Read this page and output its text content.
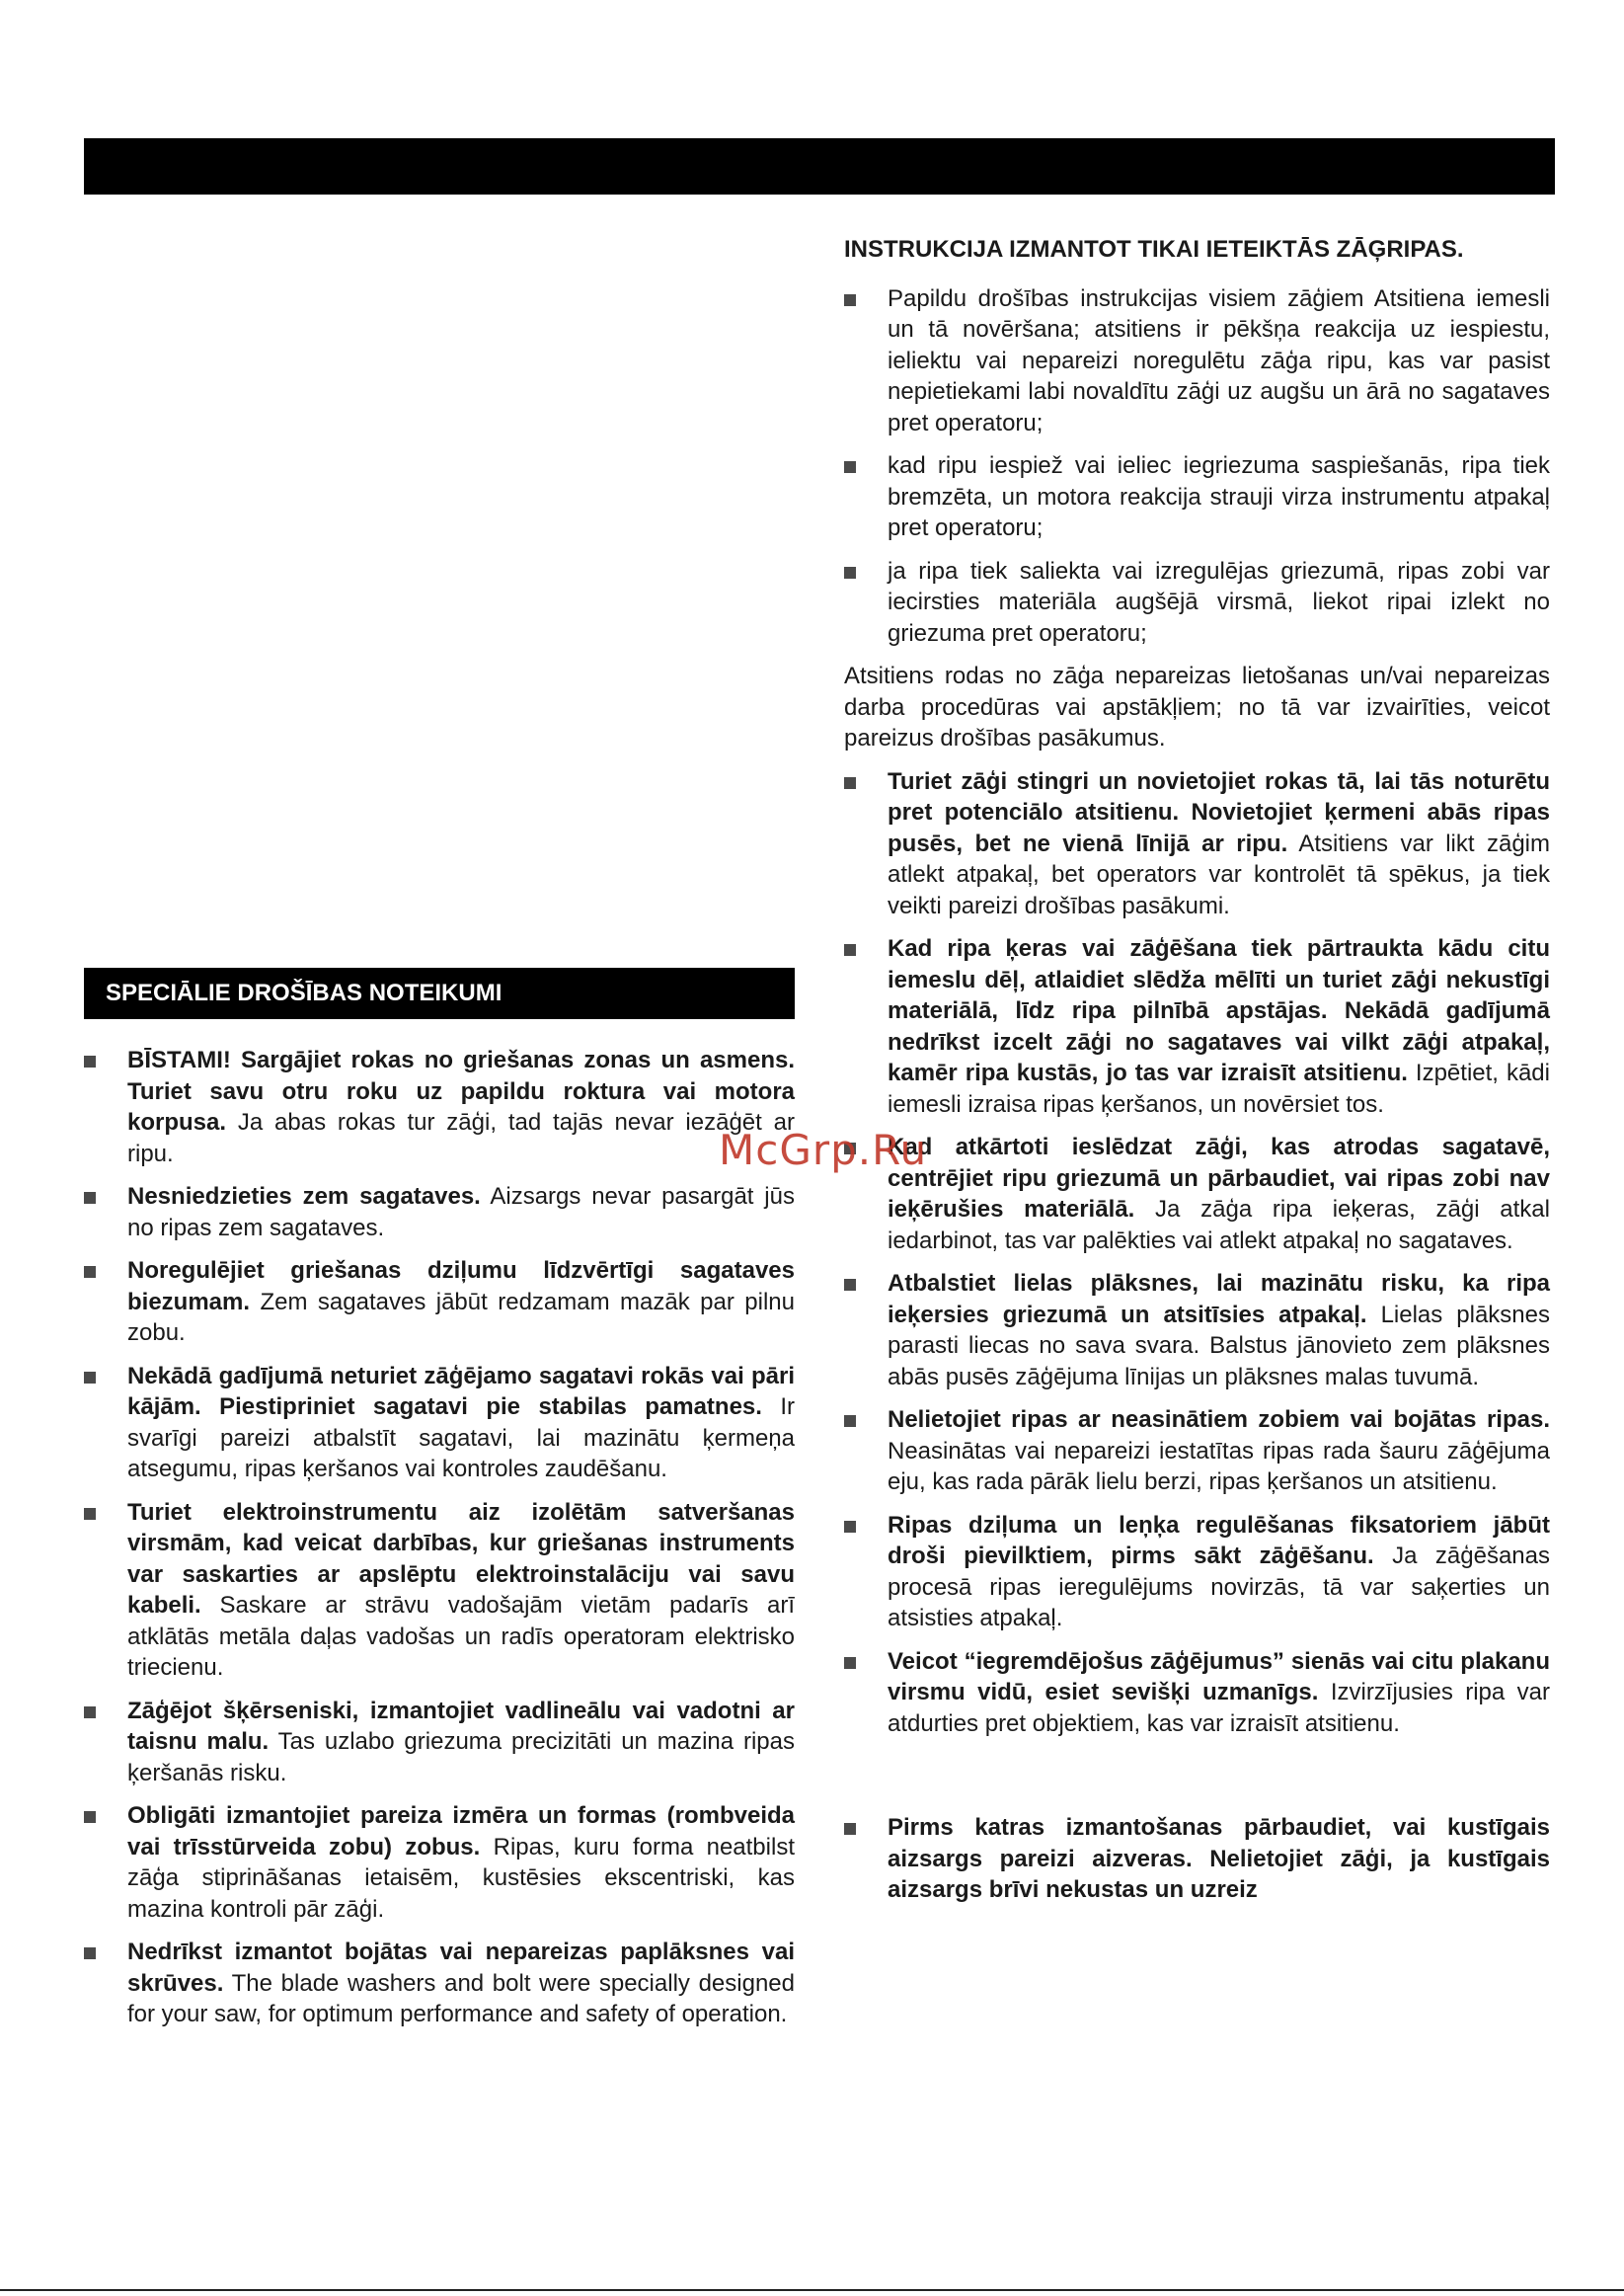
INSTRUKCIJA IZMANTOT TIKAI IETEIKTĀS ZĀĢRIPAS.
Papildu drošības instrukcijas visiem zāģiem Atsitiena iemesli un tā novēršana; atsitiens ir pēkšņa reakcija uz iespiestu, ieliektu vai nepareizi noregulētu zāģa ripu, kas var pasist nepietiekami labi novaldītu zāģi uz augšu un ārā no sagataves pret operatoru;
kad ripu iespiež vai ieliec iegriezuma saspiešanās, ripa tiek bremzēta, un motora reakcija strauji virza instrumentu atpakaļ pret operatoru;
ja ripa tiek saliekta vai izregulējas griezumā, ripas zobi var iecirsties materiāla augšējā virsmā, liekot ripai izlekt no griezuma pret operatoru;
Atsitiens rodas no zāģa nepareizas lietošanas un/vai nepareizas darba procedūras vai apstākļiem; no tā var izvairīties, veicot pareizus drošības pasākumus.
Turiet zāģi stingri un novietojiet rokas tā, lai tās noturētu pret potenciālo atsitienu. Novietojiet ķermeni abās ripas pusēs, bet ne vienā līnijā ar ripu. Atsitiens var likt zāģim atlekt atpakaļ, bet operators var kontrolēt tā spēkus, ja tiek veikti pareizi drošības pasākumi.
Kad ripa ķeras vai zāģēšana tiek pārtraukta kādu citu iemeslu dēļ, atlaidiet slēdža mēlīti un turiet zāģi nekustīgi materiālā, līdz ripa pilnībā apstājas. Nekādā gadījumā nedrīkst izcelt zāģi no sagataves vai vilkt zāģi atpakaļ, kamēr ripa kustās, jo tas var izraisīt atsitienu. Izpētiet, kādi iemesli izraisa ripas ķeršanos, un novērsiet tos.
Kad atkārtoti ieslēdzat zāģi, kas atrodas sagatavē, centrējiet ripu griezumā un pārbaudiet, vai ripas zobi nav ieķērušies materiālā. Ja zāģa ripa ieķeras, zāģi atkal iedarbinot, tas var palēkties vai atlekt atpakaļ no sagataves.
Atbalstiet lielas plāksnes, lai mazinātu risku, ka ripa ieķersies griezumā un atsitīsies atpakaļ. Lielas plāksnes parasti liecas no sava svara. Balstus jānovieto zem plāksnes abās pusēs zāģējuma līnijas un plāksnes malas tuvumā.
Nelietojiet ripas ar neasinātiem zobiem vai bojātas ripas. Neasinātas vai nepareizi iestatītas ripas rada šauru zāģējuma eju, kas rada pārāk lielu berzi, ripas ķeršanos un atsitienu.
Ripas dziļuma un leņķa regulēšanas fiksatoriem jābūt droši pievilktiem, pirms sākt zāģēšanu. Ja zāģēšanas procesā ripas ieregulējums novirzās, tā var saķerties un atsisties atpakaļ.
Veicot “iegremdējošus zāģējumus” sienās vai citu plakanu virsmu vidū, esiet sevišķi uzmanīgs. Izvirzījusies ripa var atdurties pret objektiem, kas var izraisīt atsitienu.
Pirms katras izmantošanas pārbaudiet, vai kustīgais aizsargs pareizi aizveras. Nelietojiet zāģi, ja kustīgais aizsargs brīvi nekustas un uzreiz
SPECIĀLIE DROŠĪBAS NOTEIKUMI
BĪSTAMI! Sargājiet rokas no griešanas zonas un asmens. Turiet savu otru roku uz papildu roktura vai motora korpusa. Ja abas rokas tur zāģi, tad tajās nevar iezāģēt ar ripu.
Nesniedzieties zem sagataves. Aizsargs nevar pasargāt jūs no ripas zem sagataves.
Noregulējiet griešanas dziļumu līdzvērtīgi sagataves biezumam. Zem sagataves jābūt redzamam mazāk par pilnu zobu.
Nekādā gadījumā neturiet zāģējamo sagatavi rokās vai pāri kājām. Piestipriniet sagatavi pie stabilas pamatnes. Ir svarīgi pareizi atbalstīt sagatavi, lai mazinātu ķermeņa atsegumu, ripas ķeršanos vai kontroles zaudēšanu.
Turiet elektroinstrumentu aiz izolētām satveršanas virsmām, kad veicat darbības, kur griešanas instruments var saskarties ar apslēptu elektroinstalāciju vai savu kabeli. Saskare ar strāvu vadošajām vietām padarīs arī atklātās metāla daļas vadošas un radīs operatoram elektrisko triecienu.
Zāģējot šķērseniski, izmantojiet vadlineālu vai vadotni ar taisnu malu. Tas uzlabo griezuma precizitāti un mazina ripas ķeršanās risku.
Obligāti izmantojiet pareiza izmēra un formas (rombveida vai trīsstūrveida zobu) zobus. Ripas, kuru forma neatbilst zāģa stiprināšanas ietaisēm, kustēsies ekscentriski, kas mazina kontroli pār zāģi.
Nedrīkst izmantot bojātas vai nepareizas paplāksnes vai skrūves. The blade washers and bolt were specially designed for your saw, for optimum performance and safety of operation.
McGrp.Ru
